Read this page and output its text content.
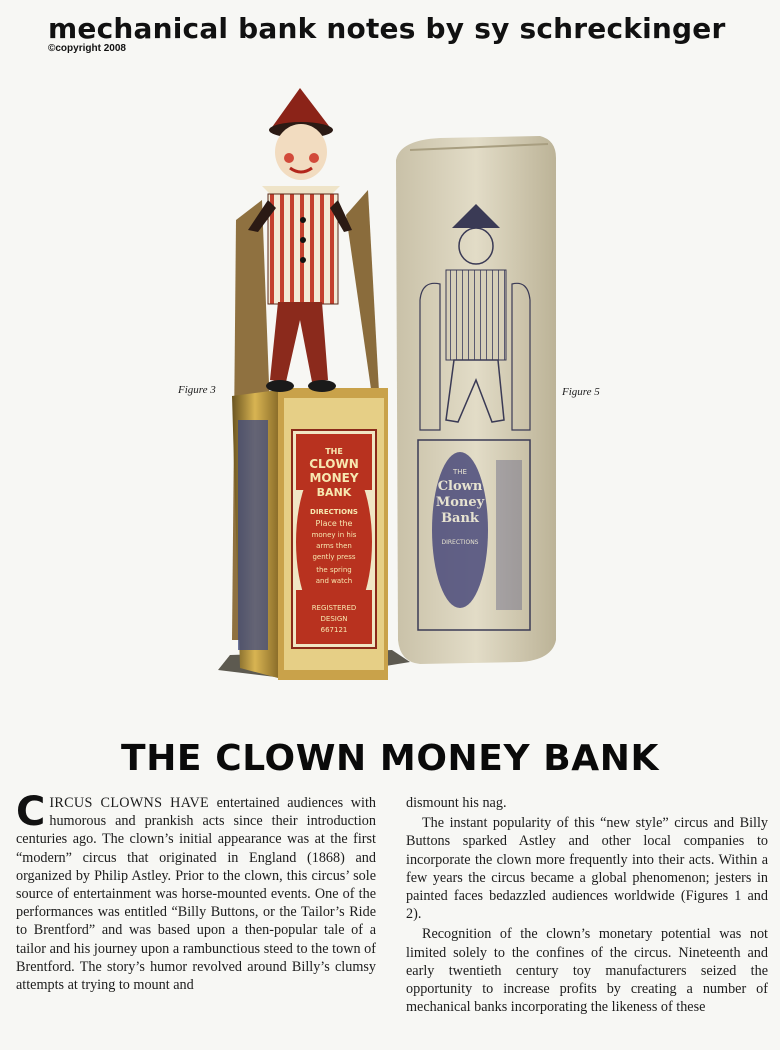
mechanical bank notes by sy schreckinger
©copyright 2008
Figure 3	Figure 5
THE
CLOWN
MONEY
BANK
DIRECTIONS
Place the
money in his
arms then
gently press
the spring
and watch
REGISTERED
DESIGN
667121
THE
Clown
Money
Bank
DIRECTIONS
THE CLOWN MONEY BANK

CIRCUS CLOWNS HAVE entertained audiences with humorous and prankish acts since their introduction centuries ago. The clown’s initial appearance was at the first “modern” circus that originated in England (1868) and organized by Philip Astley. Prior to the clown, this circus’ sole source of entertainment was horse-mounted events. One of the performances was entitled “Billy Buttons, or the Tailor’s Ride to Brentford” and was based upon a then-popular tale of a tailor and his journey upon a rambunctious steed to the town of Brentford. The story’s humor revolved around Billy’s clumsy attempts at trying to mount and

dismount his nag.

The instant popularity of this “new style” circus and Billy Buttons sparked Astley and other local companies to incorporate the clown more frequently into their acts. Within a few years the circus became a global phenomenon; jesters in painted faces bedazzled audiences worldwide (Figures 1 and 2).

Recognition of the clown’s monetary potential was not limited solely to the confines of the circus. Nineteenth and early twentieth century toy manufacturers seized the opportunity to increase profits by creating a number of mechanical banks incorporating the likeness of these
